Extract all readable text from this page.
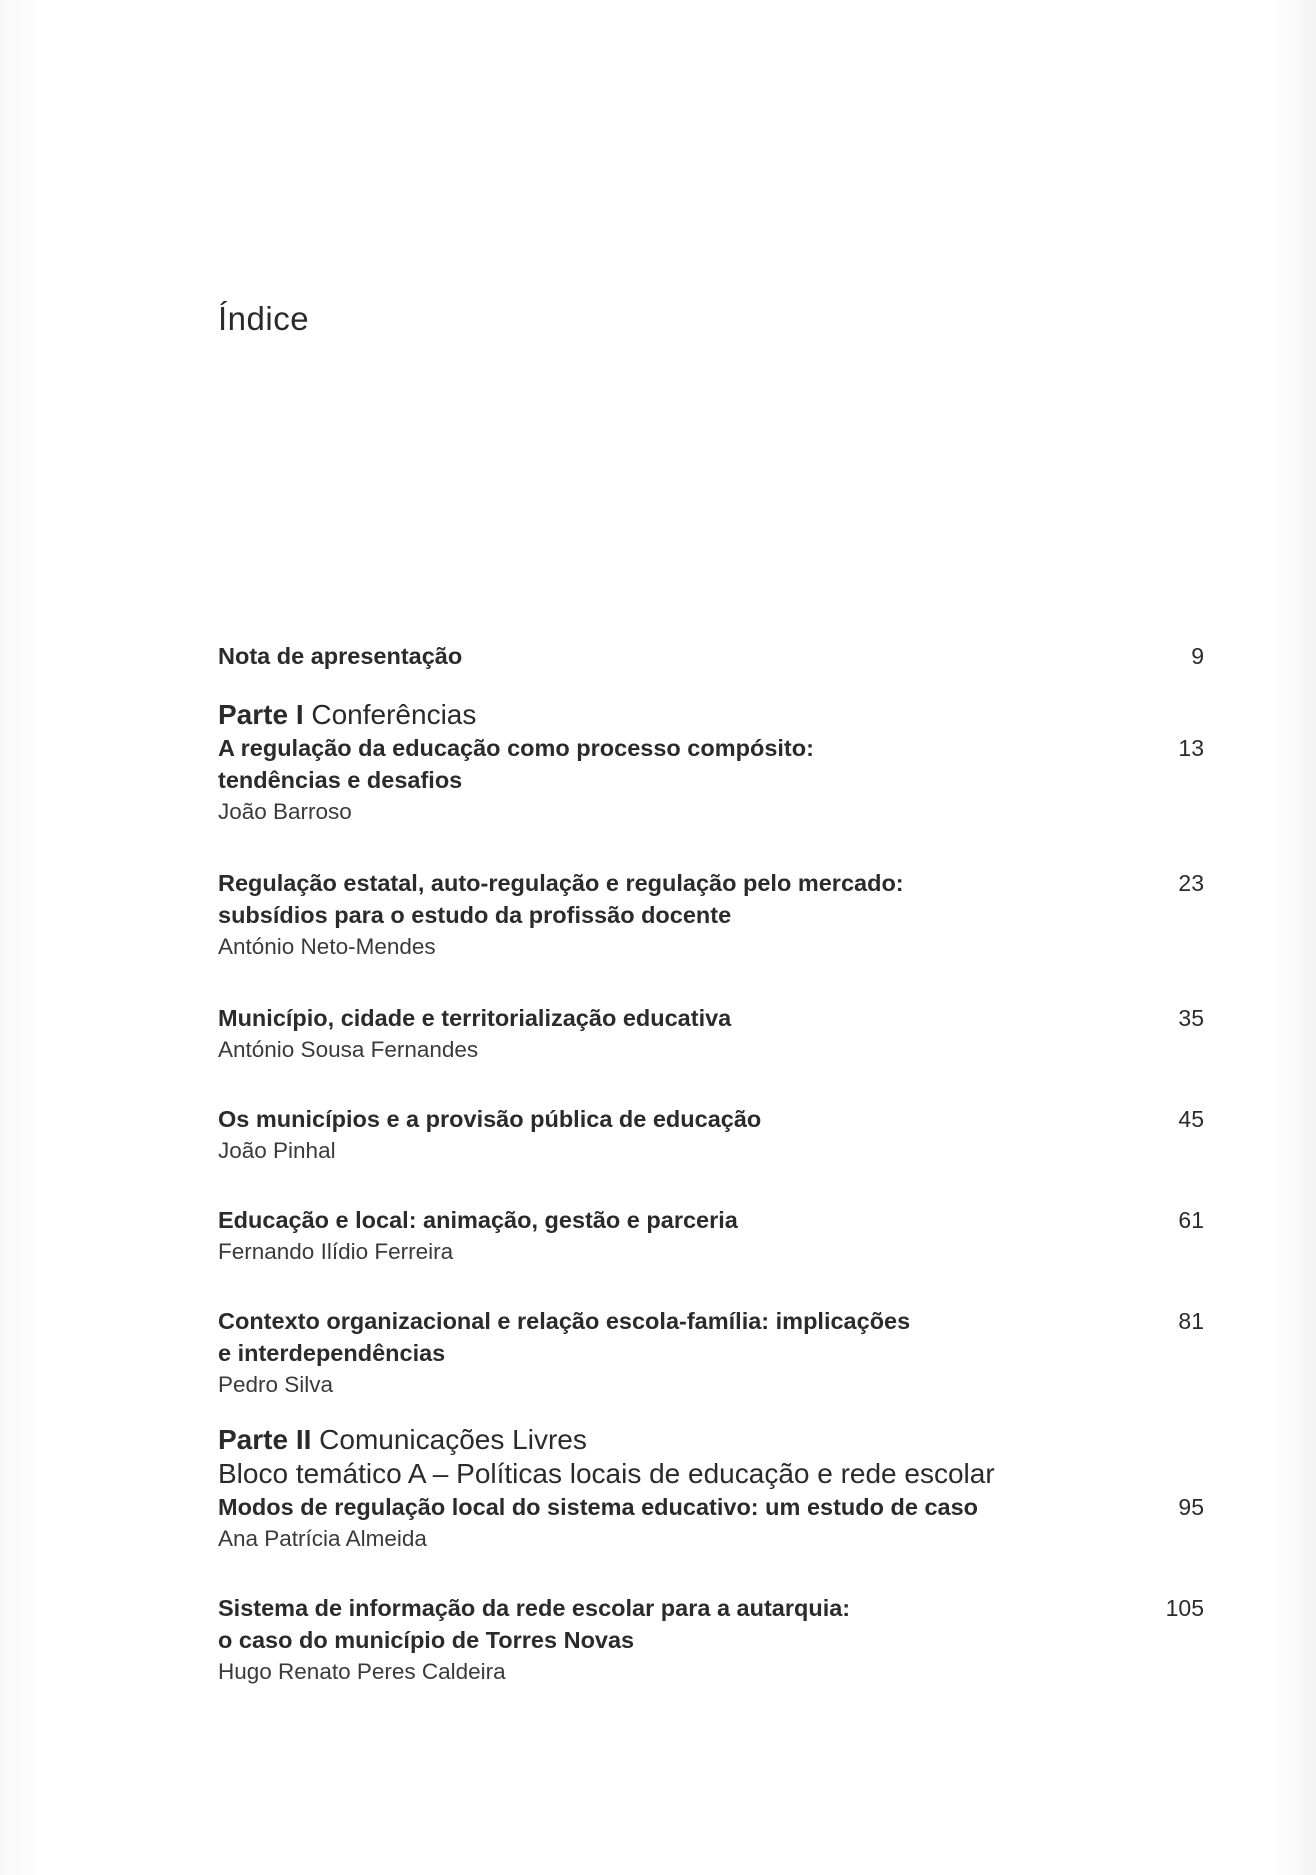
Índice
Nota de apresentação	9
Parte I Conferências
A regulação da educação como processo compósito:
tendências e desafios
João Barroso
13
Regulação estatal, auto-regulação e regulação pelo mercado:
subsídios para o estudo da profissão docente
António Neto-Mendes
23
Município, cidade e territorialização educativa
António Sousa Fernandes
35
Os municípios e a provisão pública de educação
João Pinhal
45
Educação e local: animação, gestão e parceria
Fernando Ilídio Ferreira
61
Contexto organizacional e relação escola-família: implicações
e interdependências
Pedro Silva
81
Parte II Comunicações Livres
Bloco temático A – Políticas locais de educação e rede escolar
Modos de regulação local do sistema educativo: um estudo de caso
Ana Patrícia Almeida
95
Sistema de informação da rede escolar para a autarquia:
o caso do município de Torres Novas
Hugo Renato Peres Caldeira
105
